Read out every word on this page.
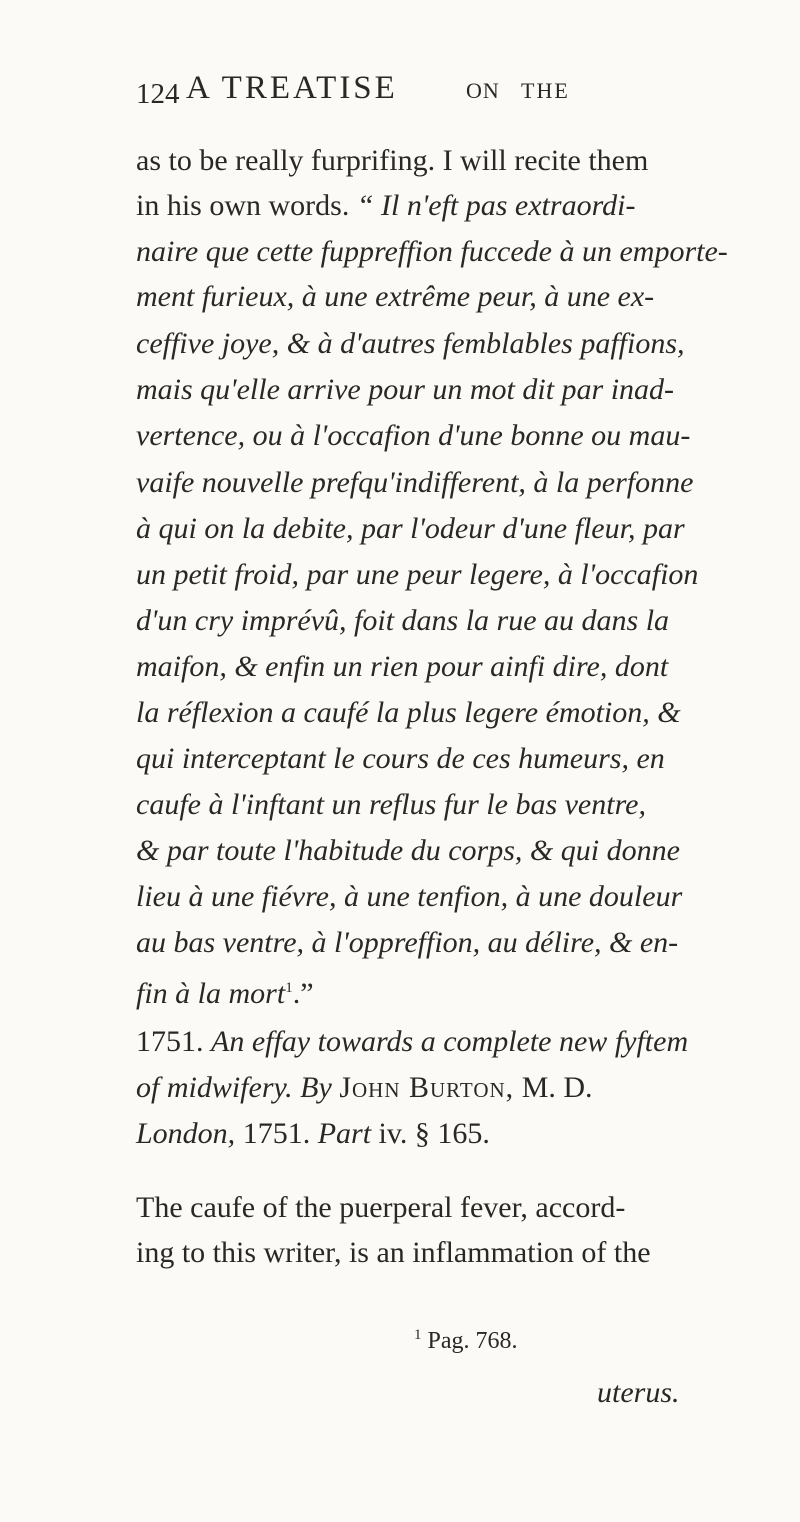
124 A TREATISE	ON THE
as to be really furprifing. I will recite them
in his own words. “ Il n'eft pas extraordi-
naire que cette fuppreffion fuccede à un emporte-
ment furieux, à une extrême peur, à une ex-
ceffive joye, & à d'autres femblables paffions,
mais qu'elle arrive pour un mot dit par inad-
vertence, ou à l'occafion d'une bonne ou mau-
vaife nouvelle prefqu'indifferent, à la perfonne
à qui on la debite, par l'odeur d'une fleur, par
un petit froid, par une peur legere, à l'occafion
d'un cry imprévû, foit dans la rue au dans la
maifon, & enfin un rien pour ainfi dire, dont
la réflexion a caufé la plus legere émotion, &
qui interceptant le cours de ces humeurs, en
caufe à l'inftant un reflus fur le bas ventre,
& par toute l'habitude du corps, & qui donne
lieu à une fiévre, à une tenfion, à une douleur
au bas ventre, à l'oppreffion, au délire, & en-
fin à la mort$^1$.”
1751. An effay towards a complete new fyftem
of midwifery. By John Burton, M. D.
London, 1751. Part iv. § 165.
The caufe of the puerperal fever, accord-
ing to this writer, is an inflammation of the
$^1$ Pag. 768.
uterus.
